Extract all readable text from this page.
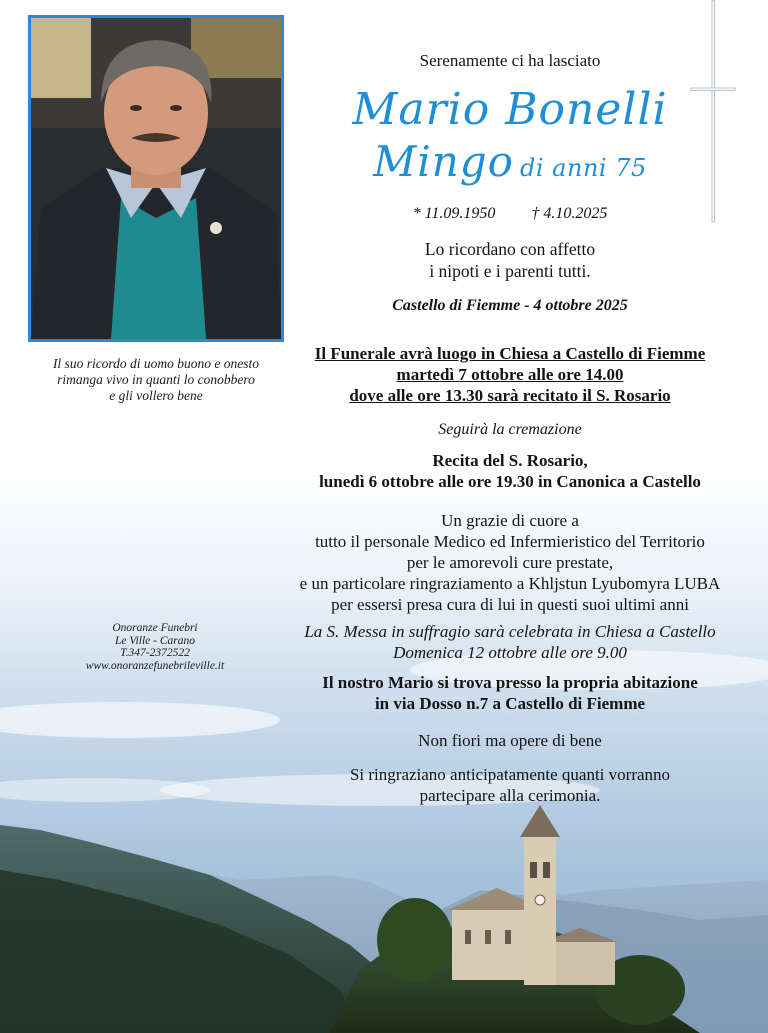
Il suo ricordo di uomo buono e onesto
rimanga vivo in quanti lo conobbero
e gli vollero bene
Serenamente ci ha lasciato
Mario Bonelli
Mingo di anni 75
* 11.09.1950 † 4.10.2025
Lo ricordano con affetto
i nipoti e i parenti tutti.
Castello di Fiemme - 4 ottobre 2025
Il Funerale avrà luogo in Chiesa a Castello di Fiemme
martedì 7 ottobre alle ore 14.00
dove alle ore 13.30 sarà recitato il S. Rosario
Seguirà la cremazione
Recita del S. Rosario,
lunedì 6 ottobre alle ore 19.30 in Canonica a Castello
Un grazie di cuore a
tutto il personale Medico ed Infermieristico del Territorio
per le amorevoli cure prestate,
e un particolare ringraziamento a Khljstun Lyubomyra LUBA
per essersi presa cura di lui in questi suoi ultimi anni
La S. Messa in suffragio sarà celebrata in Chiesa a Castello
Domenica 12 ottobre alle ore 9.00
Il nostro Mario si trova presso la propria abitazione
in via Dosso n.7 a Castello di Fiemme
Non fiori ma opere di bene
Si ringraziano anticipatamente quanti vorranno
partecipare alla cerimonia.
Onoranze Funebri
Le Ville - Carano
T.347-2372522
www.onoranzefunebrileville.it
